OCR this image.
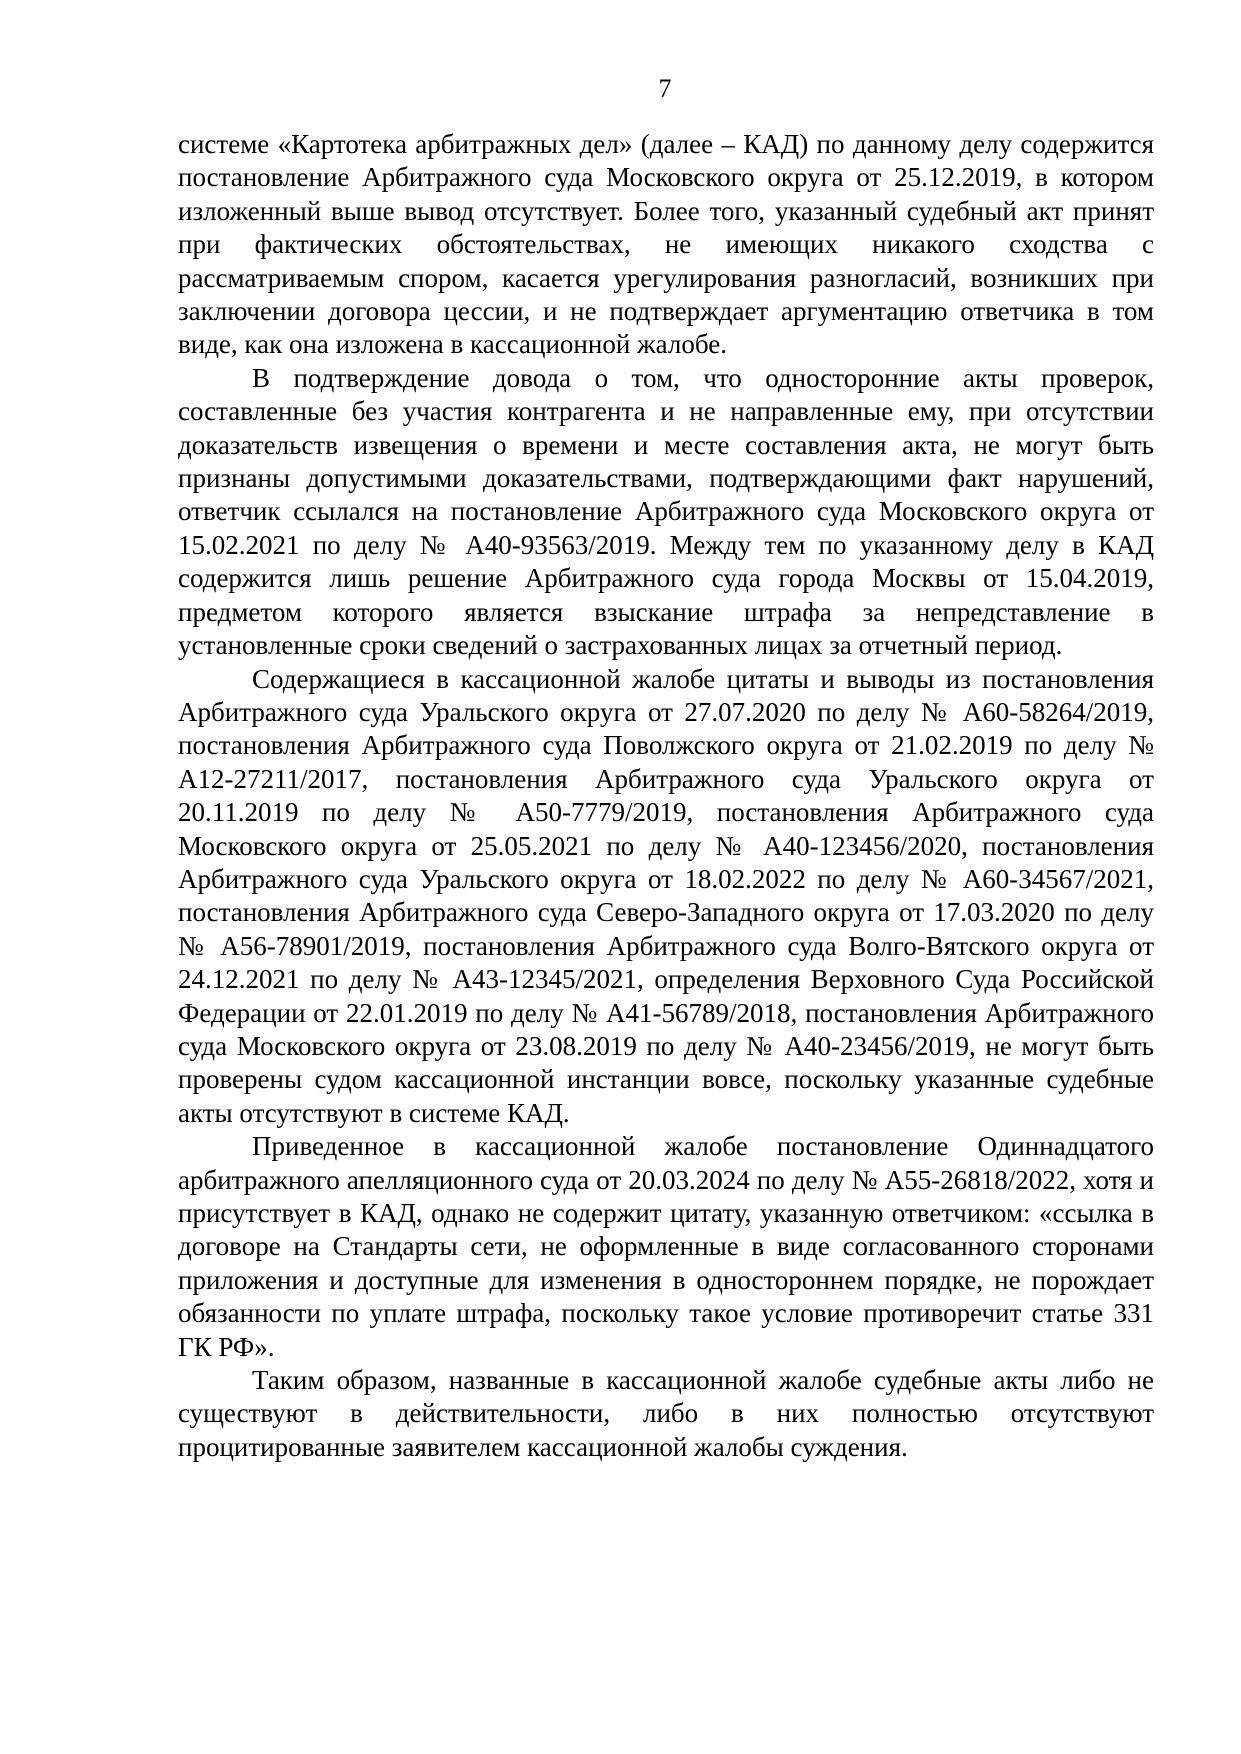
7

системе «Картотека арбитражных дел» (далее – КАД) по данному делу содержится постановление Арбитражного суда Московского округа от 25.12.2019, в котором изложенный выше вывод отсутствует. Более того, указанный судебный акт принят при фактических обстоятельствах, не имеющих никакого сходства с рассматриваемым спором, касается урегулирования разногласий, возникших при заключении договора цессии, и не подтверждает аргументацию ответчика в том виде, как она изложена в кассационной жалобе.

В подтверждение довода о том, что односторонние акты проверок, составленные без участия контрагента и не направленные ему, при отсутствии доказательств извещения о времени и месте составления акта, не могут быть признаны допустимыми доказательствами, подтверждающими факт нарушений, ответчик ссылался на постановление Арбитражного суда Московского округа от 15.02.2021 по делу № А40-93563/2019. Между тем по указанному делу в КАД содержится лишь решение Арбитражного суда города Москвы от 15.04.2019, предметом которого является взыскание штрафа за непредставление в установленные сроки сведений о застрахованных лицах за отчетный период.

Содержащиеся в кассационной жалобе цитаты и выводы из постановления Арбитражного суда Уральского округа от 27.07.2020 по делу № А60-58264/2019, постановления Арбитражного суда Поволжского округа от 21.02.2019 по делу № А12-27211/2017, постановления Арбитражного суда Уральского округа от 20.11.2019 по делу № А50-7779/2019, постановления Арбитражного суда Московского округа от 25.05.2021 по делу № А40-123456/2020, постановления Арбитражного суда Уральского округа от 18.02.2022 по делу № А60-34567/2021, постановления Арбитражного суда Северо-Западного округа от 17.03.2020 по делу № А56-78901/2019, постановления Арбитражного суда Волго-Вятского округа от 24.12.2021 по делу № А43-12345/2021, определения Верховного Суда Российской Федерации от 22.01.2019 по делу № А41-56789/2018, постановления Арбитражного суда Московского округа от 23.08.2019 по делу № А40-23456/2019, не могут быть проверены судом кассационной инстанции вовсе, поскольку указанные судебные акты отсутствуют в системе КАД.

Приведенное в кассационной жалобе постановление Одиннадцатого арбитражного апелляционного суда от 20.03.2024 по делу № А55-26818/2022, хотя и присутствует в КАД, однако не содержит цитату, указанную ответчиком: «ссылка в договоре на Стандарты сети, не оформленные в виде согласованного сторонами приложения и доступные для изменения в одностороннем порядке, не порождает обязанности по уплате штрафа, поскольку такое условие противоречит статье 331 ГК РФ».

Таким образом, названные в кассационной жалобе судебные акты либо не существуют в действительности, либо в них полностью отсутствуют процитированные заявителем кассационной жалобы суждения.
